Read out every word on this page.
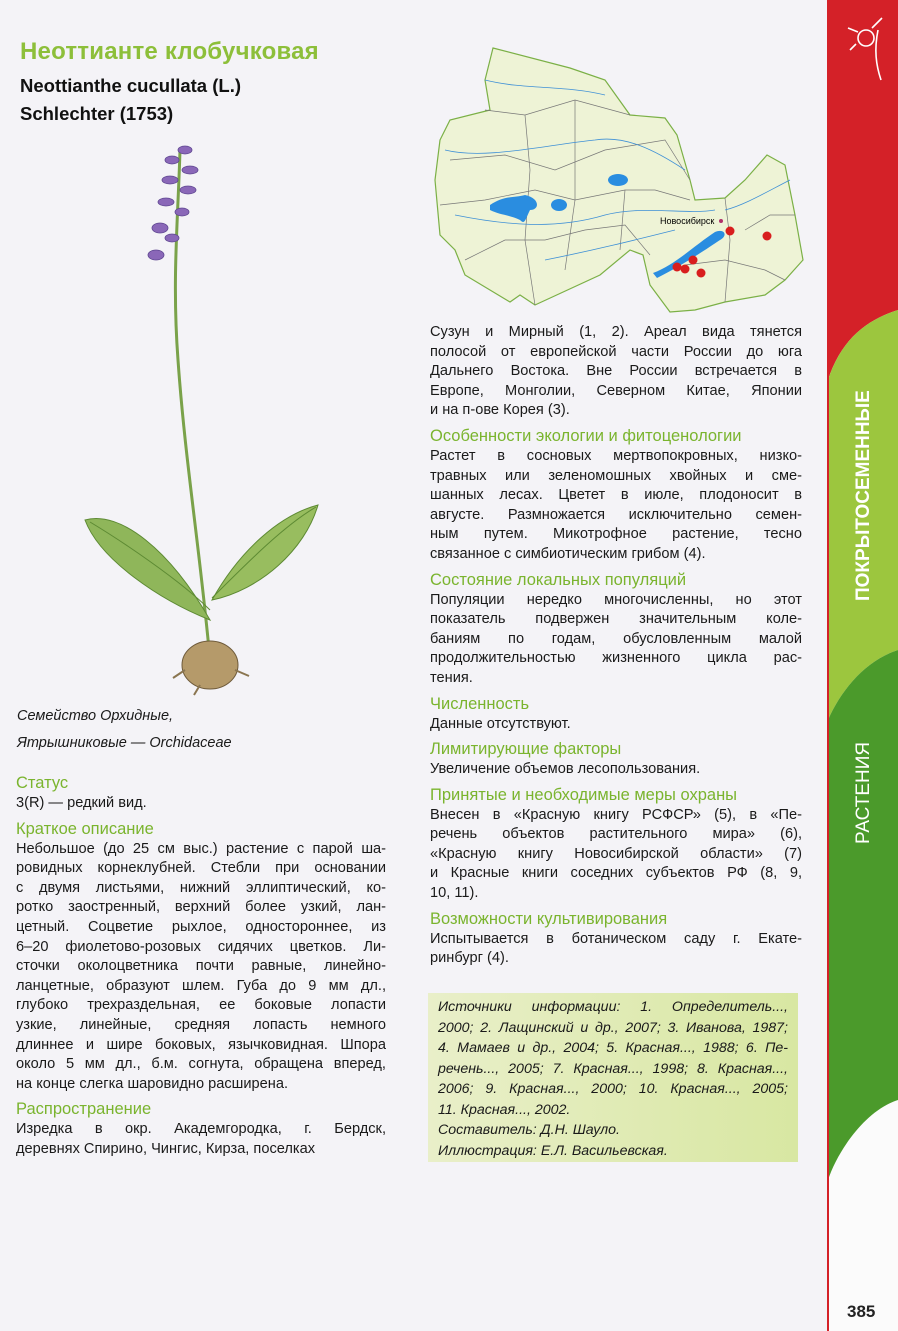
Неоттианте клобучковая
Neottianthe cucullata (L.)
Schlechter (1753)
Новосибирск
Семейство Орхидные,
Ятрышниковые — Orchidaceae
Статус
3(R) — редкий вид.
Краткое описание
Небольшое (до 25 см выс.) растение с парой ша-
ровидных корнеклубней. Стебли при основании
с двумя листьями, нижний эллиптический, ко-
ротко заостренный, верхний более узкий, лан-
цетный. Соцветие рыхлое, одностороннее, из
6–20 фиолетово-розовых сидячих цветков. Ли-
сточки околоцветника почти равные, линейно-
ланцетные, образуют шлем. Губа до 9 мм дл.,
глубоко трехраздельная, ее боковые лопасти
узкие, линейные, средняя лопасть немного
длиннее и шире боковых, язычковидная. Шпора
около 5 мм дл., б.м. согнута, обращена вперед,
на конце слегка шаровидно расширена.
Распространение
Изредка в окр. Академгородка, г. Бердск,
деревнях Спирино, Чингис, Кирза, поселках
Сузун и Мирный (1, 2). Ареал вида тянется
полосой от европейской части России до юга
Дальнего Востока. Вне России встречается в
Европе, Монголии, Северном Китае, Японии
и на п-ове Корея (3).
Особенности экологии и фитоценологии
Растет в сосновых мертвопокровных, низко-
травных или зеленомошных хвойных и сме-
шанных лесах. Цветет в июле, плодоносит в
августе. Размножается исключительно семен-
ным путем. Микотрофное растение, тесно
связанное с симбиотическим грибом (4).
Состояние локальных популяций
Популяции нередко многочисленны, но этот
показатель подвержен значительным коле-
баниям по годам, обусловленным малой
продолжительностью жизненного цикла рас-
тения.
Численность
Данные отсутствуют.
Лимитирующие факторы
Увеличение объемов лесопользования.
Принятые и необходимые меры охраны
Внесен в «Красную книгу РСФСР» (5), в «Пе-
речень объектов растительного мира» (6),
«Красную книгу Новосибирской области» (7)
и Красные книги соседних субъектов РФ (8, 9,
10, 11).
Возможности культивирования
Испытывается в ботаническом саду г. Екате-
ринбург (4).
Источники информации: 1. Определитель...,
2000; 2. Лащинский и др., 2007; 3. Иванова, 1987;
4. Мамаев и др., 2004; 5. Красная..., 1988; 6. Пе-
речень..., 2005; 7. Красная..., 1998; 8. Красная...,
2006; 9. Красная..., 2000; 10. Красная..., 2005;
11. Красная..., 2002.
Составитель: Д.Н. Шауло.
Иллюстрация: Е.Л. Васильевская.
ПОКРЫТОСЕМЕННЫЕ
РАСТЕНИЯ
385
